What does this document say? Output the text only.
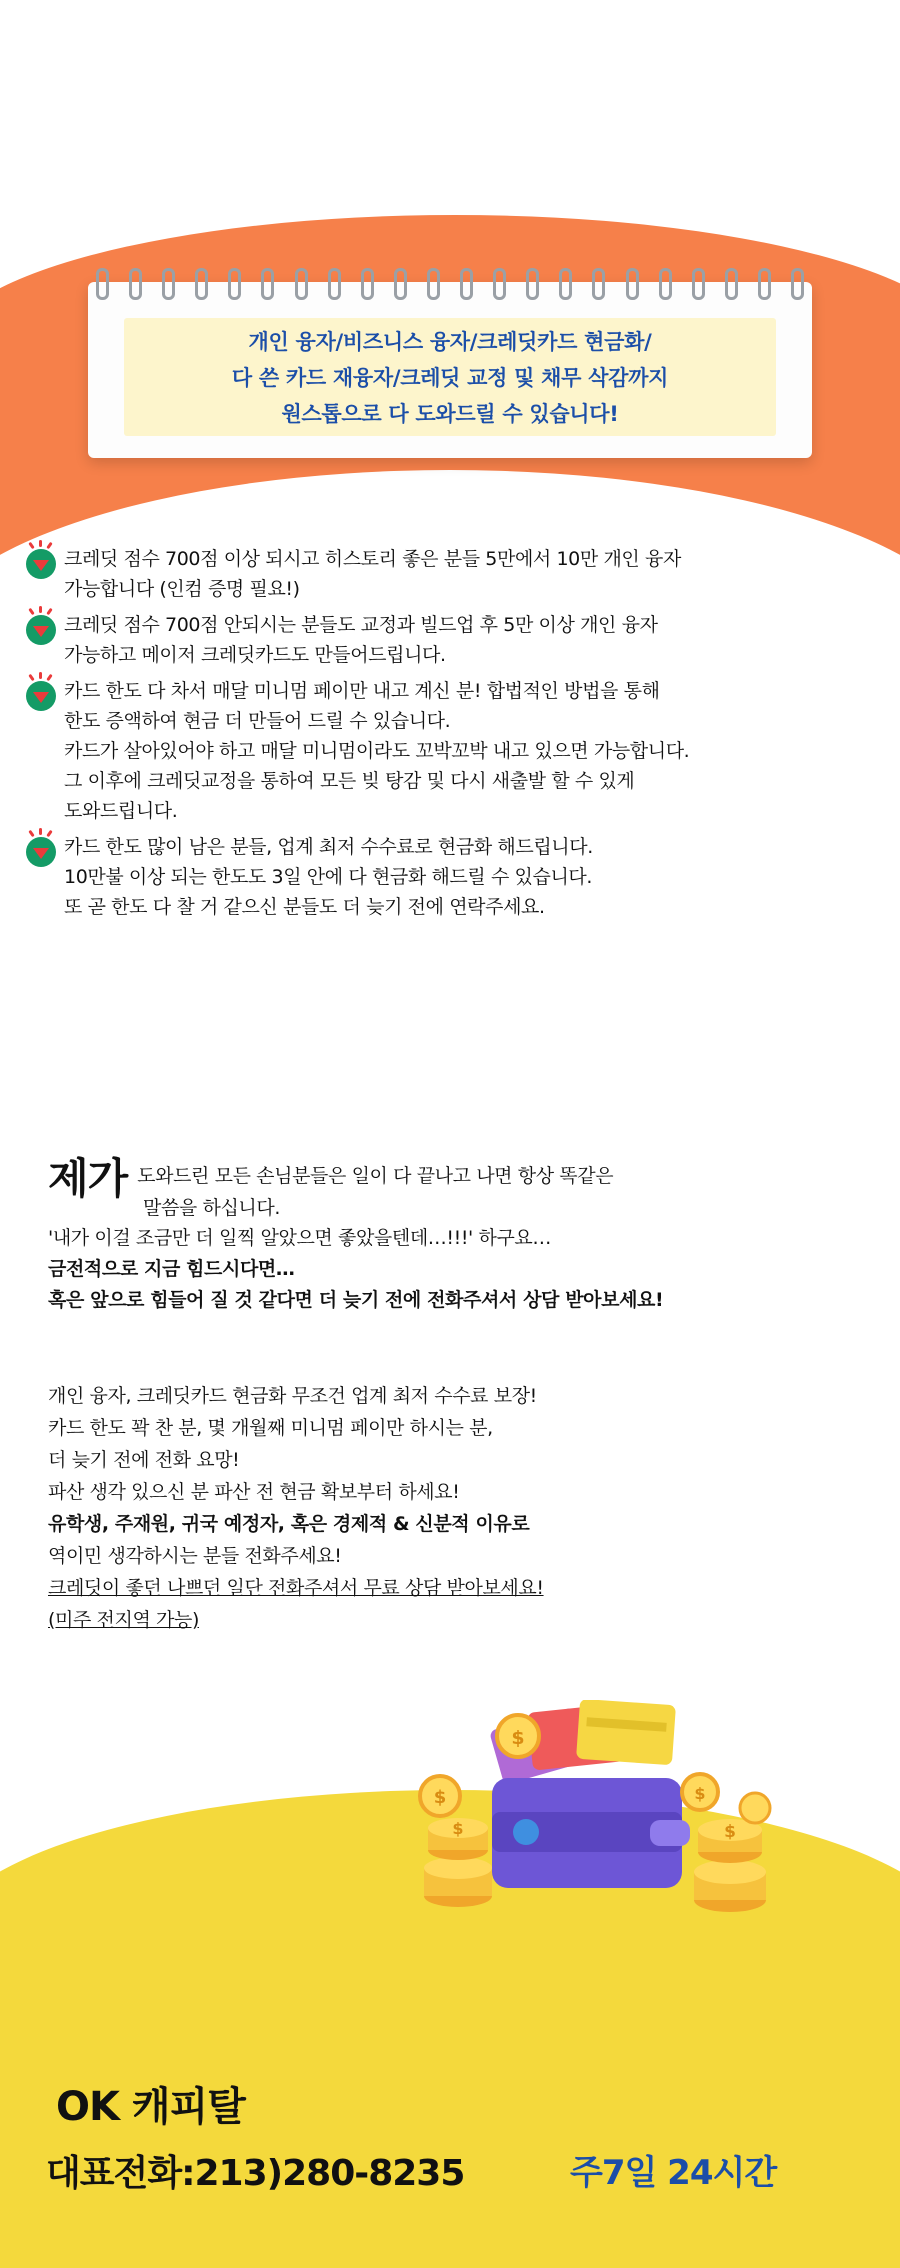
개인 융자/비즈니스 융자/크레딧카드 현금화/
다 쓴 카드 재융자/크레딧 교정 및 채무 삭감까지
원스톱으로 다 도와드릴 수 있습니다!
크레딧 점수 700점 이상 되시고 히스토리 좋은 분들 5만에서 10만 개인 융자
가능합니다 (인컴 증명 필요!)
크레딧 점수 700점 안되시는 분들도 교정과 빌드업 후 5만 이상 개인 융자
가능하고 메이저 크레딧카드도 만들어드립니다.
카드 한도 다 차서 매달 미니멈 페이만 내고 계신 분! 합법적인 방법을 통해
한도 증액하여 현금 더 만들어 드릴 수 있습니다.
카드가 살아있어야 하고 매달 미니멈이라도 꼬박꼬박 내고 있으면 가능합니다.
그 이후에 크레딧교정을 통하여 모든 빚 탕감 및 다시 새출발 할 수 있게
도와드립니다.
카드 한도 많이 남은 분들, 업계 최저 수수료로 현금화 해드립니다.
10만불 이상 되는 한도도 3일 안에 다 현금화 해드릴 수 있습니다.
또 곧 한도 다 찰 거 같으신 분들도 더 늦기 전에 연락주세요.
제가 도와드린 모든 손님분들은 일이 다 끝나고 나면 항상 똑같은
말씀을 하십니다.
'내가 이걸 조금만 더 일찍 알았으면 좋았을텐데…!!!' 하구요…
금전적으로 지금 힘드시다면…
혹은 앞으로 힘들어 질 것 같다면 더 늦기 전에 전화주셔서 상담 받아보세요!
개인 융자, 크레딧카드 현금화 무조건 업계 최저 수수료 보장!
카드 한도 꽉 찬 분, 몇 개월째 미니멈 페이만 하시는 분,
더 늦기 전에 전화 요망!
파산 생각 있으신 분 파산 전 현금 확보부터 하세요!
유학생, 주재원, 귀국 예정자, 혹은 경제적 & 신분적 이유로
역이민 생각하시는 분들 전화주세요!
크레딧이 좋던 나쁘던 일단 전화주셔서 무료 상담 받아보세요!
(미주 전지역 가능)
$	$
$
$	$
OK 캐피탈
대표전화:213)280-8235	주7일 24시간
